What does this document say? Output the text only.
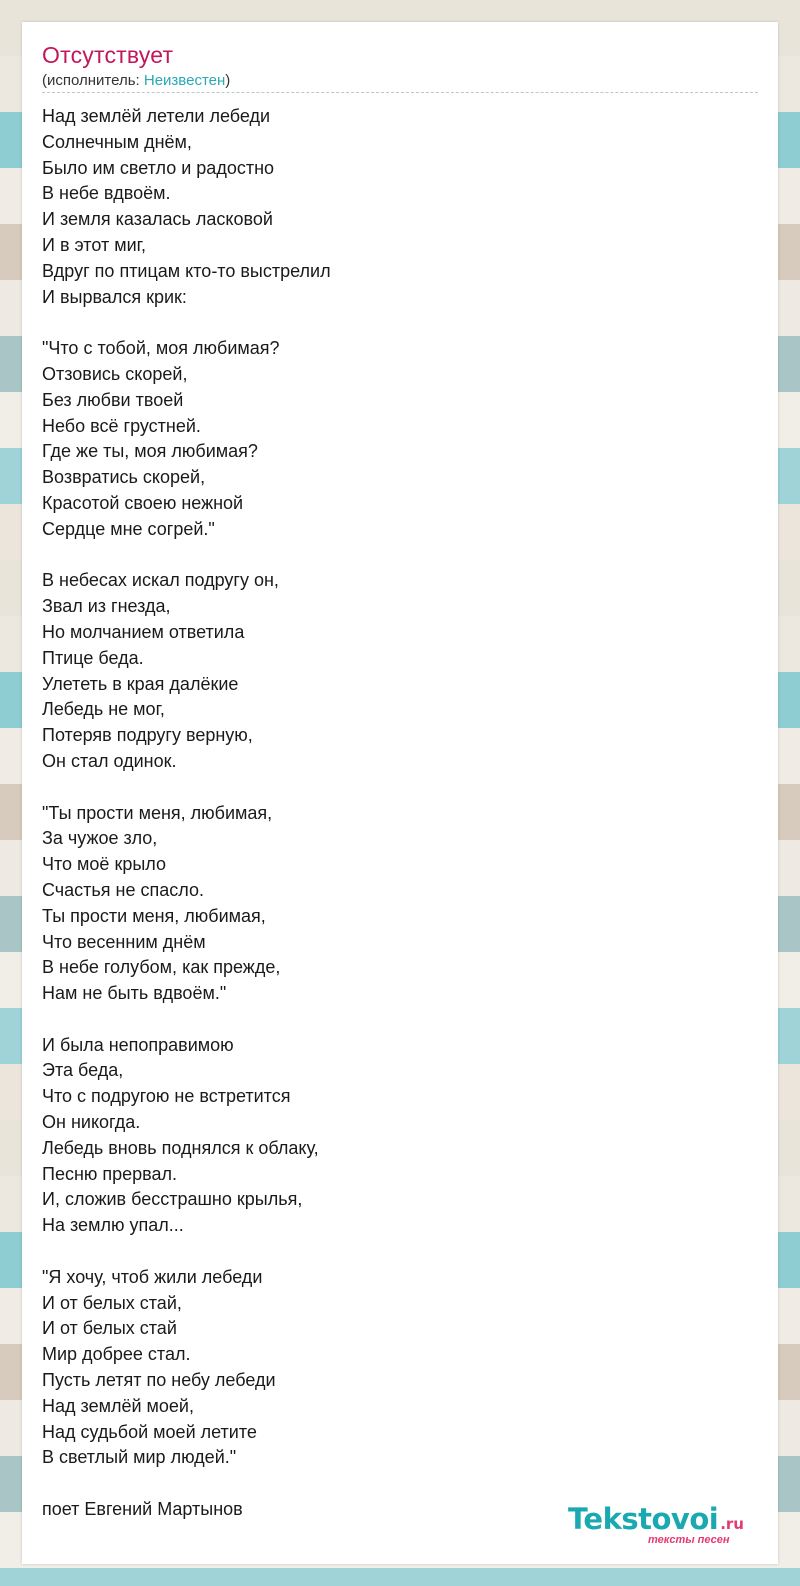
Отсутствует
(исполнитель: Неизвестен)
Над землёй летели лебеди
Солнечным днём,
Было им светло и радостно
В небе вдвоём.
И земля казалась ласковой
И в этот миг,
Вдруг по птицам кто-то выстрелил
И вырвался крик:

"Что с тобой, моя любимая?
Отзовись скорей,
Без любви твоей
Небо всё грустней.
Где же ты, моя любимая?
Возвратись скорей,
Красотой своею нежной
Сердце мне согрей."

В небесах искал подругу он,
Звал из гнезда,
Но молчанием ответила
Птице беда.
Улететь в края далёкие
Лебедь не мог,
Потеряв подругу верную,
Он стал одинок.

"Ты прости меня, любимая,
За чужое зло,
Что моё крыло
Счастья не спасло.
Ты прости меня, любимая,
Что весенним днём
В небе голубом, как прежде,
Нам не быть вдвоём."

И была непоправимою
Эта беда,
Что с подругою не встретится
Он никогда.
Лебедь вновь поднялся к облаку,
Песню прервал.
И, сложив бесстрашно крылья,
На землю упал...

"Я хочу, чтоб жили лебеди
И от белых стай,
И от белых стай
Мир добрее стал.
Пусть летят по небу лебеди
Над землёй моей,
Над судьбой моей летите
В светлый мир людей."

поет Евгений Мартынов	Tekstovoi .ru
тексты песен
